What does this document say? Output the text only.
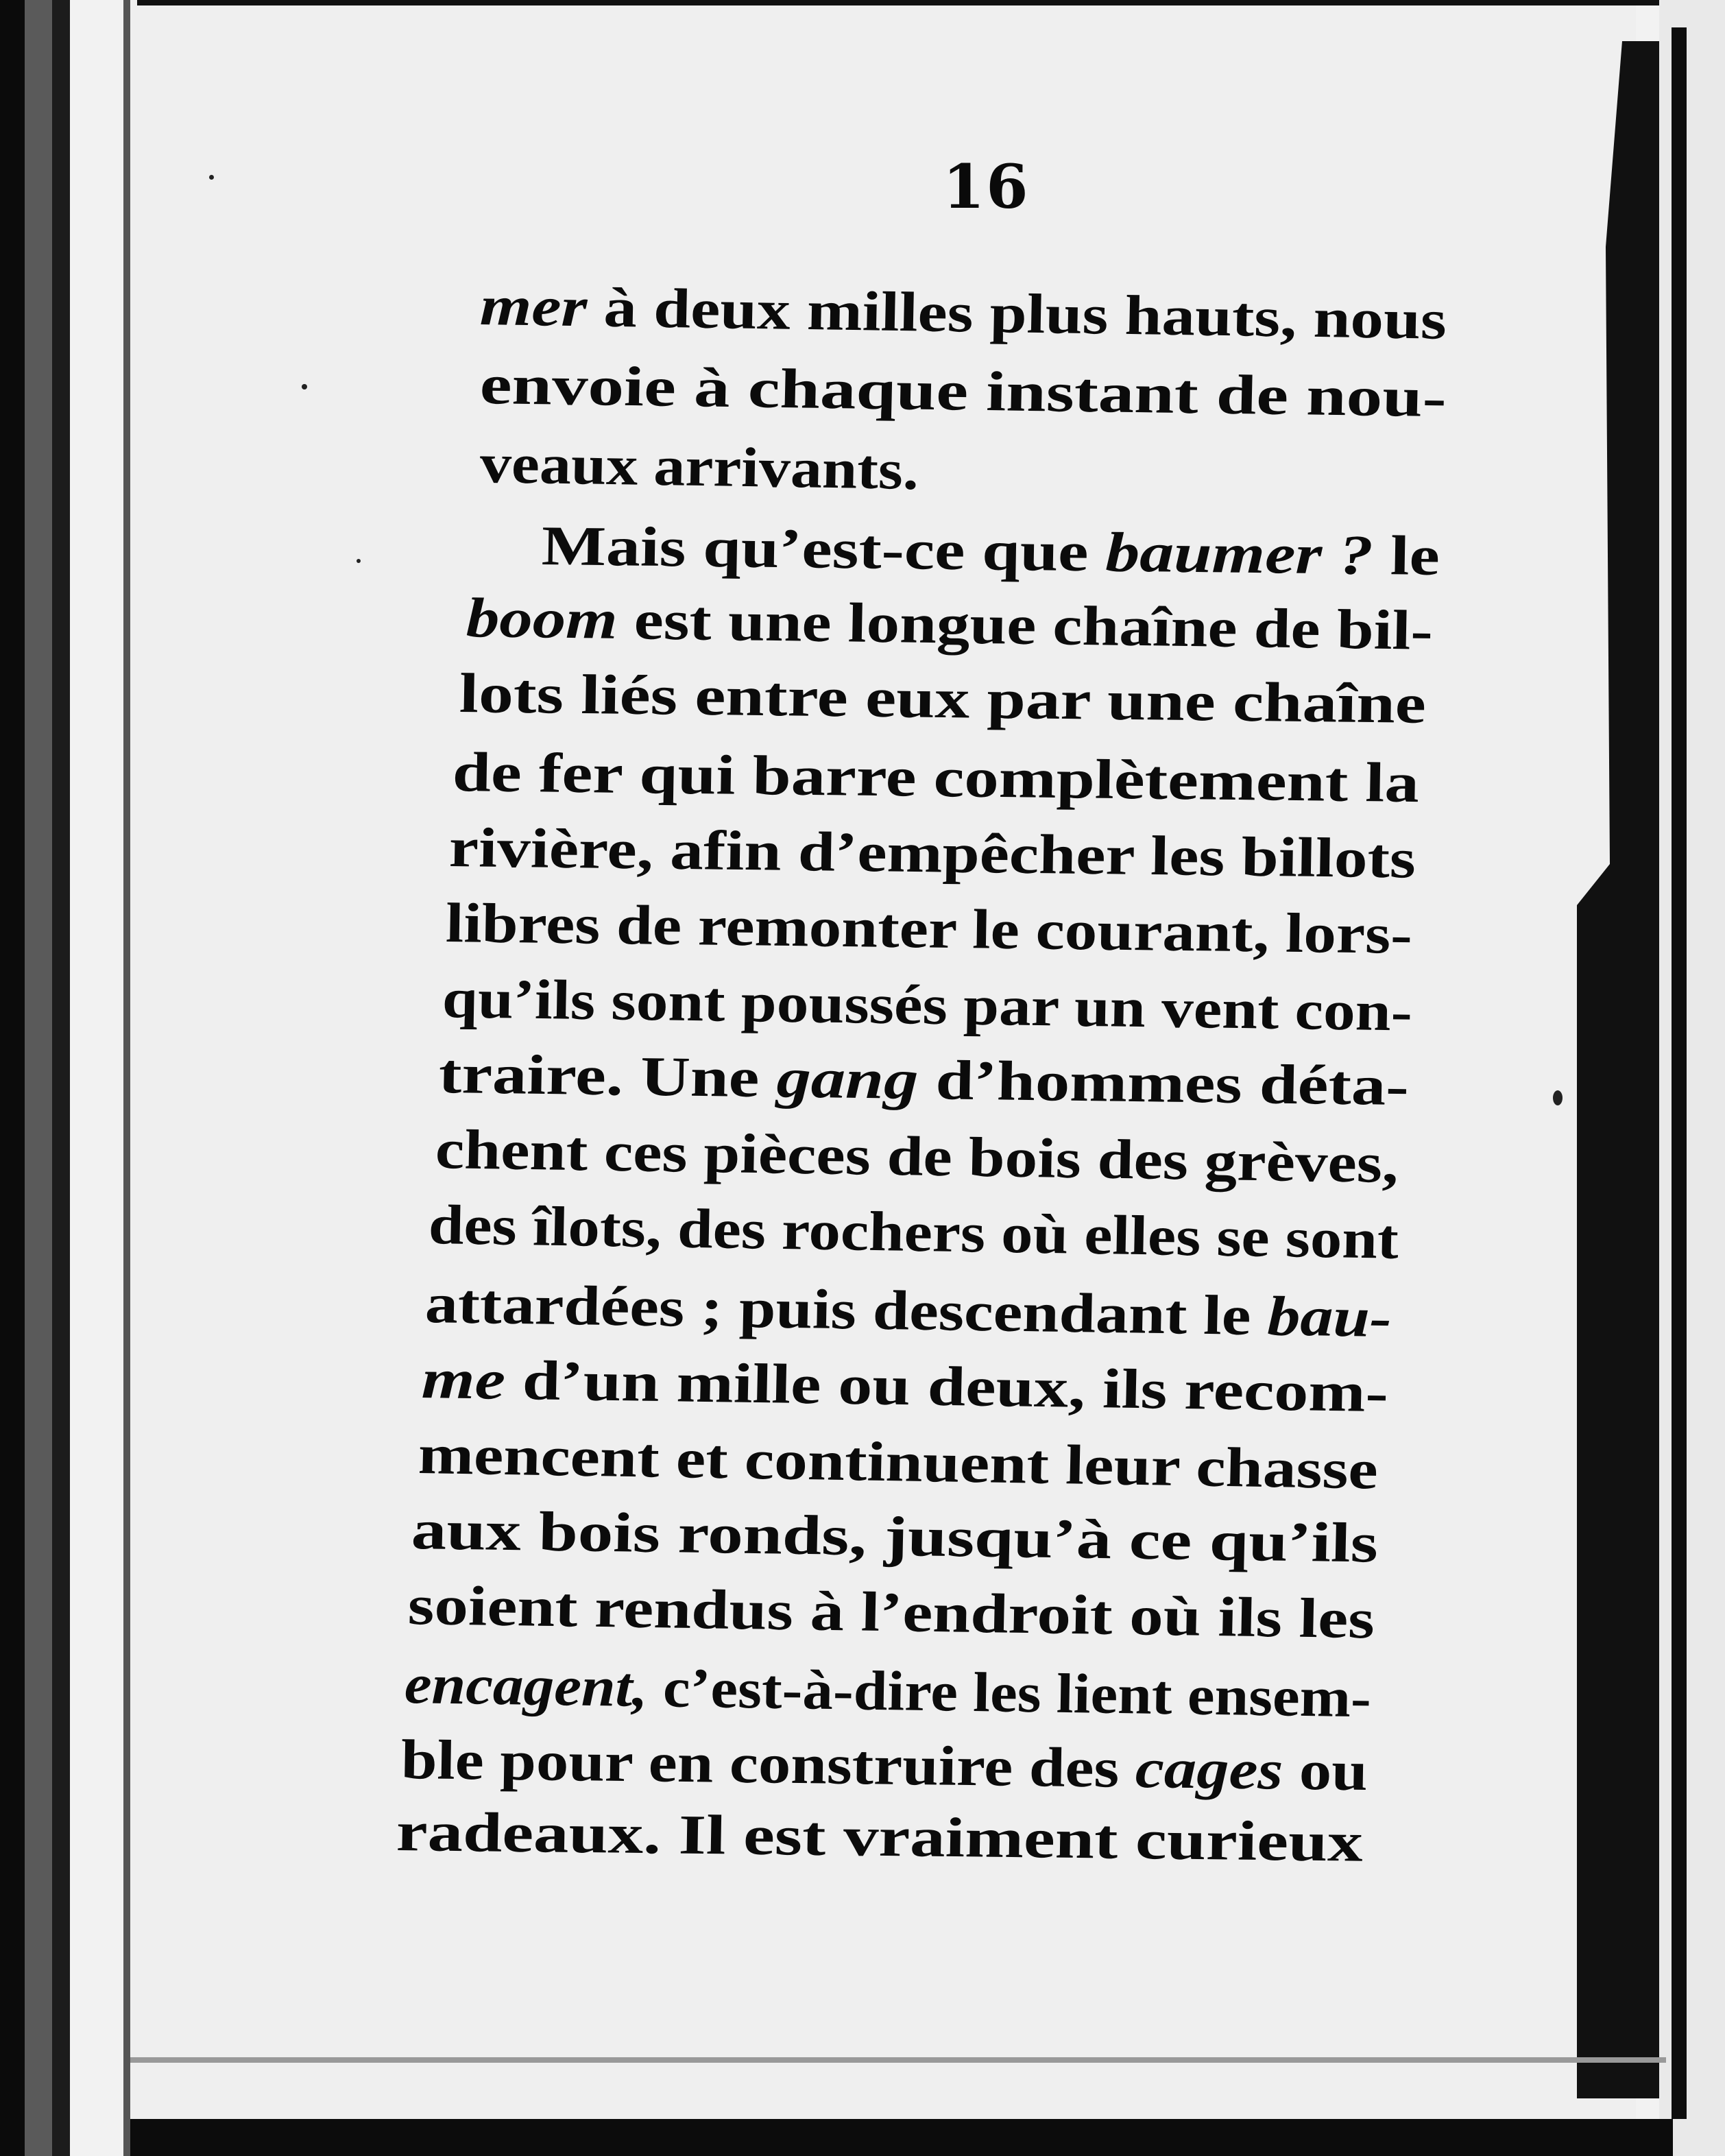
16
mer à deux milles plus hauts, nous
envoie à chaque instant de nou-
veaux arrivants.
Mais qu’est-ce que baumer ? le
boom est une longue chaîne de bil-
lots liés entre eux par une chaîne
de fer qui barre complètement la
rivière, afin d’empêcher les billots
libres de remonter le courant, lors-
qu’ils sont poussés par un vent con-
traire. Une gang d’hommes déta-
chent ces pièces de bois des grèves,
des îlots, des rochers où elles se sont
attardées ; puis descendant le bau-
me d’un mille ou deux, ils recom-
mencent et continuent leur chasse
aux bois ronds, jusqu’à ce qu’ils
soient rendus à l’endroit où ils les
encagent, c’est-à-dire les lient ensem-
ble pour en construire des cages ou
radeaux. Il est vraiment curieux
